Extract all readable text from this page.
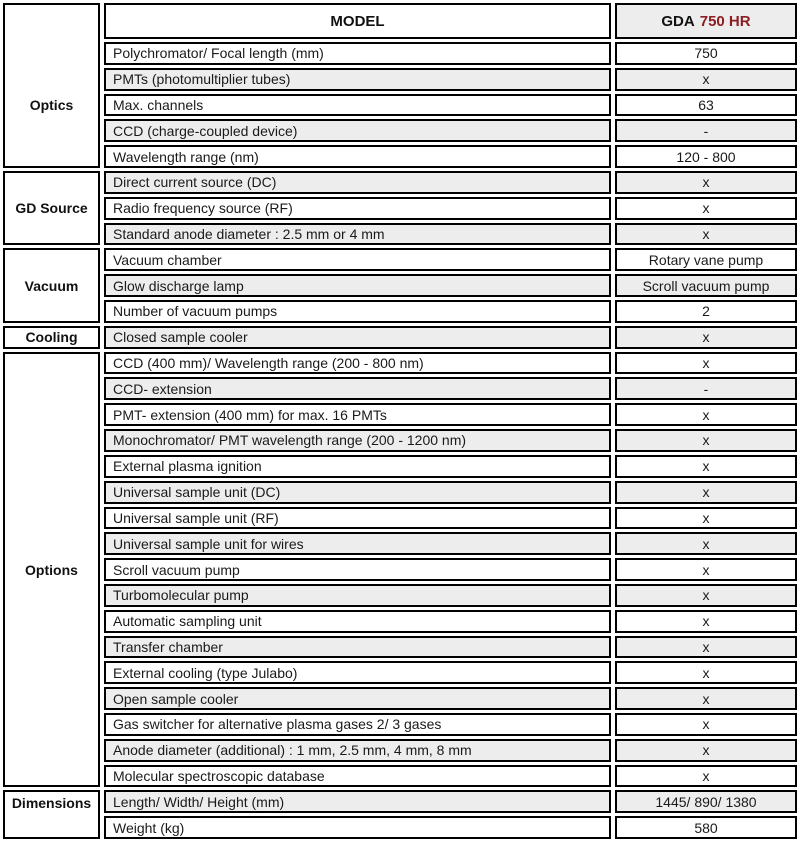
MODEL	GDA 750 HR
Optics
Polychromator/ Focal length (mm)	750
PMTs (photomultiplier tubes)	x
Max. channels	63
CCD (charge-coupled device)	-
Wavelength range (nm)	120 - 800
GD Source
Direct current source (DC)	x
Radio frequency source (RF)	x
Standard anode diameter : 2.5 mm or 4 mm	x
Vacuum
Vacuum chamber	Rotary vane pump
Glow discharge lamp	Scroll vacuum pump
Number of vacuum pumps	2
Cooling	Closed sample cooler	x
Options
CCD (400 mm)/ Wavelength range (200 - 800 nm)	x
CCD- extension	-
PMT- extension (400 mm) for max. 16 PMTs	x
Monochromator/ PMT wavelength range (200 - 1200 nm)	x
External plasma ignition	x
Universal sample unit (DC)	x
Universal sample unit (RF)	x
Universal sample unit for wires	x
Scroll vacuum pump	x
Turbomolecular pump	x
Automatic sampling unit	x
Transfer chamber	x
External cooling (type Julabo)	x
Open sample cooler	x
Gas switcher for alternative plasma gases 2/ 3 gases	x
Anode diameter (additional) : 1 mm, 2.5 mm, 4 mm, 8 mm	x
Molecular spectroscopic database	x
Dimensions	Length/ Width/ Height (mm)	1445/ 890/ 1380
Weight (kg)	580
